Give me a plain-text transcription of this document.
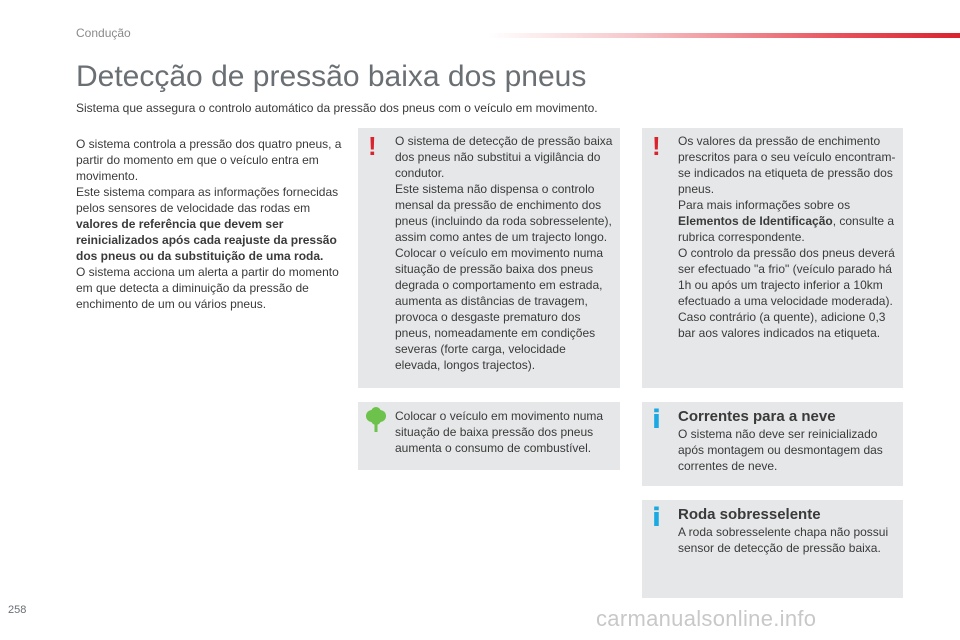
Condução
Detecção de pressão baixa dos pneus
Sistema que assegura o controlo automático da pressão dos pneus com o veículo em movimento.

O sistema controla a pressão dos quatro pneus, a partir do momento em que o veículo entra em movimento.

Este sistema compara as informações fornecidas pelos sensores de velocidade das rodas em valores de referência que devem ser reinicializados após cada reajuste da pressão dos pneus ou da substituição de uma roda.

O sistema acciona um alerta a partir do momento em que detecta a diminuição da pressão de enchimento de um ou vários pneus.

! O sistema de detecção de pressão baixa dos pneus não substitui a vigilância do condutor.

Este sistema não dispensa o controlo mensal da pressão de enchimento dos pneus (incluindo da roda sobresselente), assim como antes de um trajecto longo.

Colocar o veículo em movimento numa situação de pressão baixa dos pneus degrada o comportamento em estrada, aumenta as distâncias de travagem, provoca o desgaste prematuro dos pneus, nomeadamente em condições severas (forte carga, velocidade elevada, longos trajectos).

Colocar o veículo em movimento numa situação de baixa pressão dos pneus aumenta o consumo de combustível.
! Os valores da pressão de enchimento prescritos para o seu veículo encontram-se indicados na etiqueta de pressão dos pneus.

Para mais informações sobre os Elementos de Identificação, consulte a rubrica correspondente.

O controlo da pressão dos pneus deverá ser efectuado "a frio" (veículo parado há 1h ou após um trajecto inferior a 10km efectuado a uma velocidade moderada).

Caso contrário (a quente), adicione 0,3 bar aos valores indicados na etiqueta.

i Correntes para a neve

O sistema não deve ser reinicializado após montagem ou desmontagem das correntes de neve.

i Roda sobresselente

A roda sobresselente chapa não possui sensor de detecção de pressão baixa.

258	carmanualsonline.info
